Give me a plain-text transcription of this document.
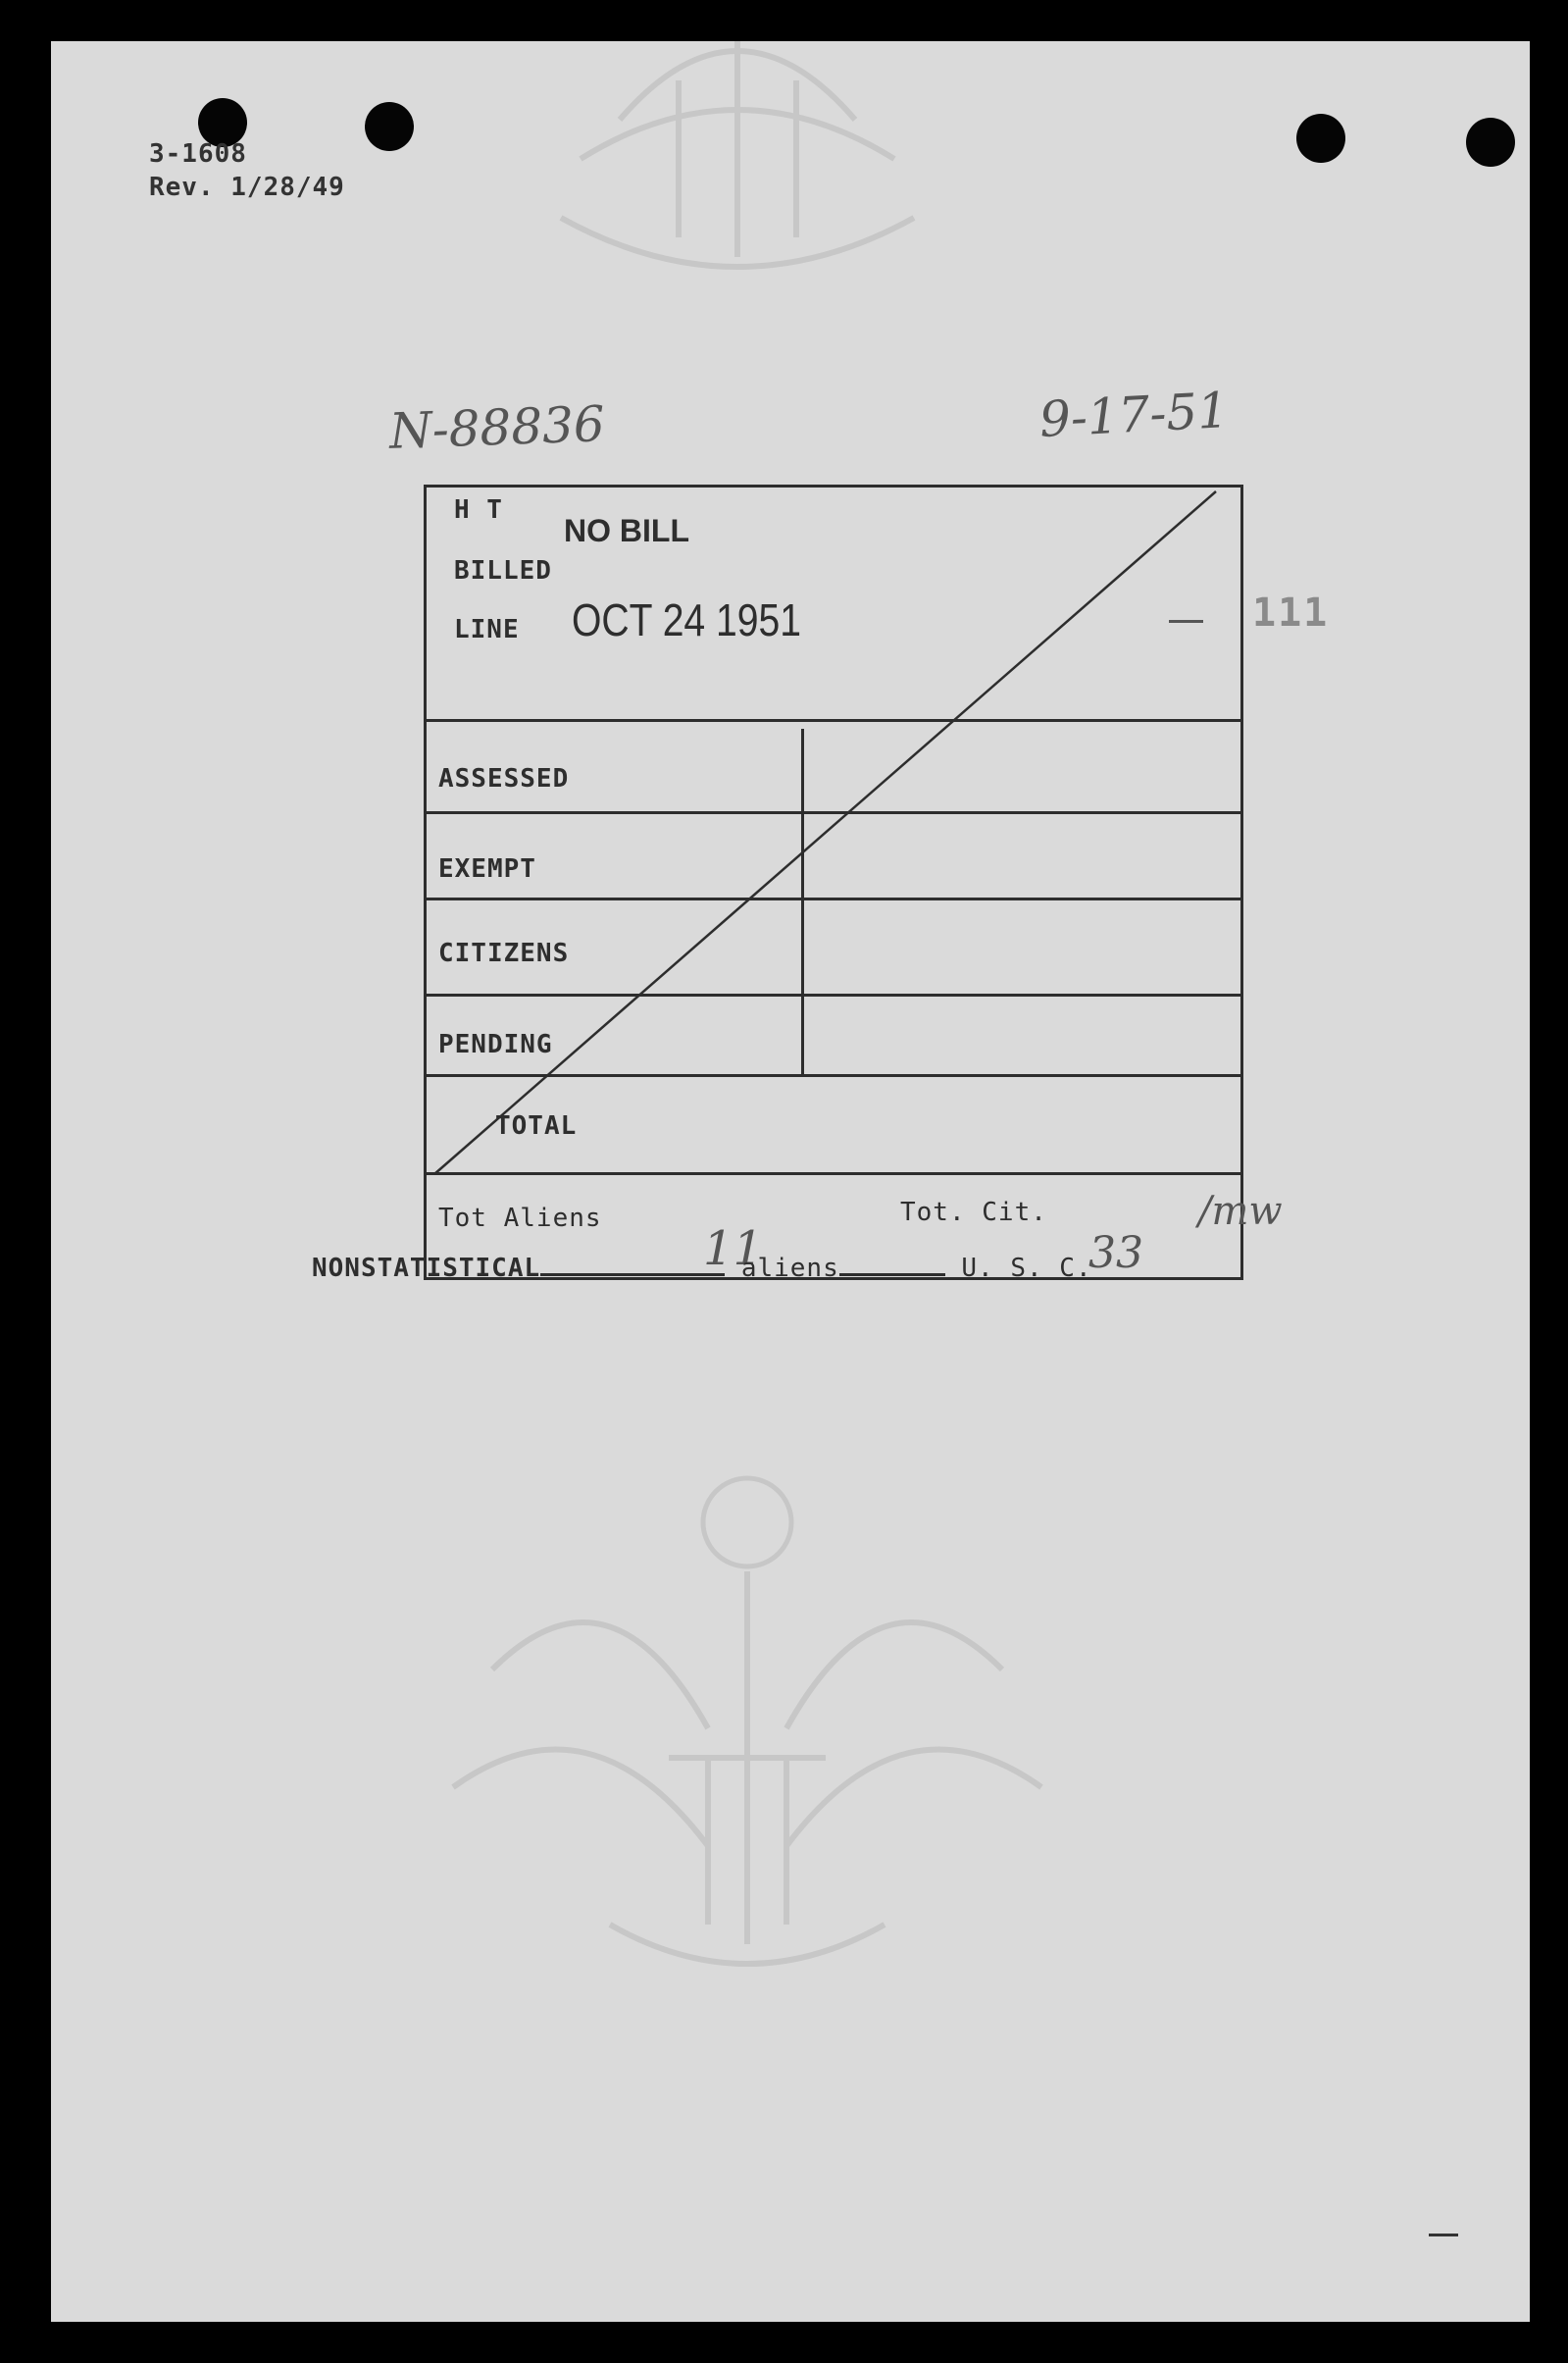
3-1608
Rev. 1/28/49
N-88836	9-17-51
111
H T
NO BILL
BILLED
LINE OCT 24 1951
ASSESSED
EXEMPT
CITIZENS
PENDING
TOTAL
Tot Aliens	Tot. Cit.
11	33
/mw
NONSTATISTICAL	aliens	U. S. C.
